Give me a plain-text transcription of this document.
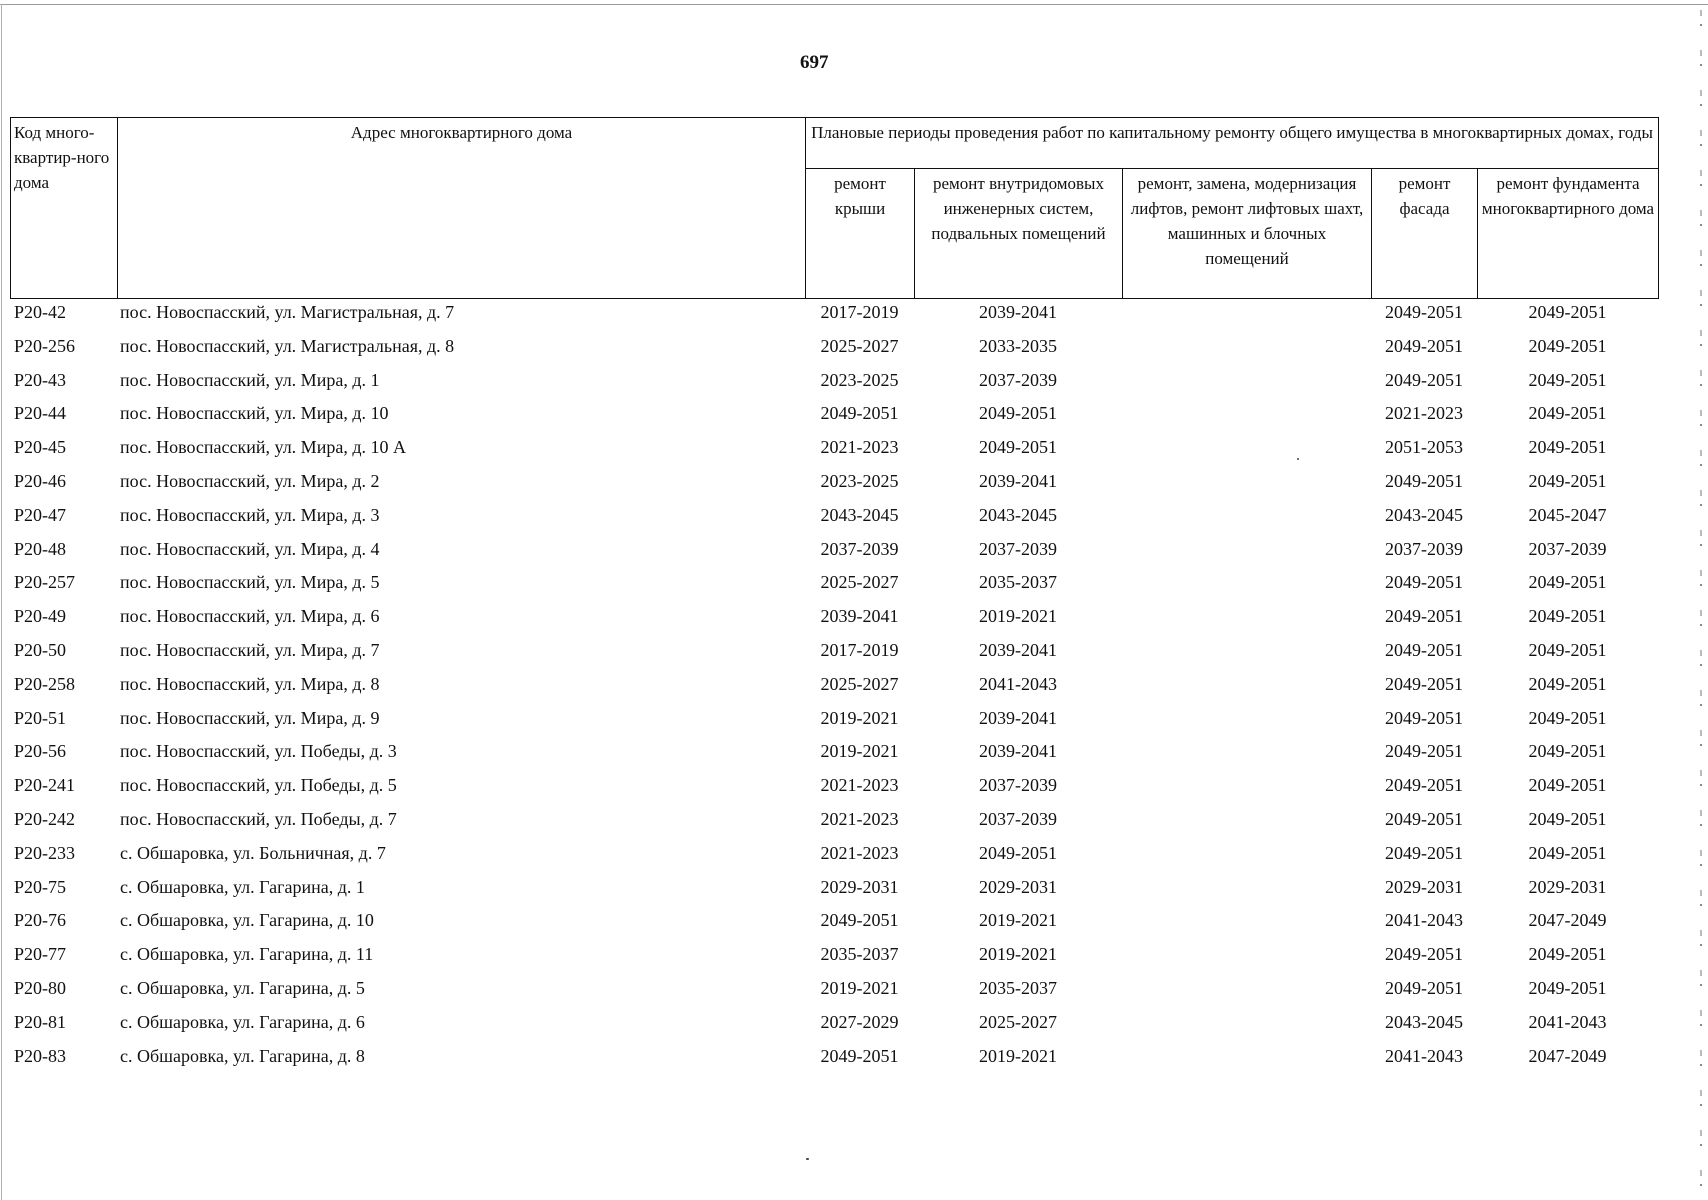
697
Код много-квартир-ного дома	Адрес многоквартирного дома	Плановые периоды проведения работ по капитальному ремонту общего имущества в многоквартирных домах, годы				
		ремонт крыши	ремонт внутридомовых инженерных систем, подвальных помещений	ремонт, замена, модернизация лифтов, ремонт лифтовых шахт, машинных и блочных помещений	ремонт фасада	ремонт фундамента многоквартирного дома
Р20-42	пос. Новоспасский, ул. Магистральная, д. 7	2017-2019	2039-2041		2049-2051	2049-2051
Р20-256	пос. Новоспасский, ул. Магистральная, д. 8	2025-2027	2033-2035		2049-2051	2049-2051
Р20-43	пос. Новоспасский, ул. Мира, д. 1	2023-2025	2037-2039		2049-2051	2049-2051
Р20-44	пос. Новоспасский, ул. Мира, д. 10	2049-2051	2049-2051		2021-2023	2049-2051
Р20-45	пос. Новоспасский, ул. Мира, д. 10 А	2021-2023	2049-2051		2051-2053	2049-2051
Р20-46	пос. Новоспасский, ул. Мира, д. 2	2023-2025	2039-2041		2049-2051	2049-2051
Р20-47	пос. Новоспасский, ул. Мира, д. 3	2043-2045	2043-2045		2043-2045	2045-2047
Р20-48	пос. Новоспасский, ул. Мира, д. 4	2037-2039	2037-2039		2037-2039	2037-2039
Р20-257	пос. Новоспасский, ул. Мира, д. 5	2025-2027	2035-2037		2049-2051	2049-2051
Р20-49	пос. Новоспасский, ул. Мира, д. 6	2039-2041	2019-2021		2049-2051	2049-2051
Р20-50	пос. Новоспасский, ул. Мира, д. 7	2017-2019	2039-2041		2049-2051	2049-2051
Р20-258	пос. Новоспасский, ул. Мира, д. 8	2025-2027	2041-2043		2049-2051	2049-2051
Р20-51	пос. Новоспасский, ул. Мира, д. 9	2019-2021	2039-2041		2049-2051	2049-2051
Р20-56	пос. Новоспасский, ул. Победы, д. 3	2019-2021	2039-2041		2049-2051	2049-2051
Р20-241	пос. Новоспасский, ул. Победы, д. 5	2021-2023	2037-2039		2049-2051	2049-2051
Р20-242	пос. Новоспасский, ул. Победы, д. 7	2021-2023	2037-2039		2049-2051	2049-2051
Р20-233	с. Обшаровка, ул. Больничная, д. 7	2021-2023	2049-2051		2049-2051	2049-2051
Р20-75	с. Обшаровка, ул. Гагарина, д. 1	2029-2031	2029-2031		2029-2031	2029-2031
Р20-76	с. Обшаровка, ул. Гагарина, д. 10	2049-2051	2019-2021		2041-2043	2047-2049
Р20-77	с. Обшаровка, ул. Гагарина, д. 11	2035-2037	2019-2021		2049-2051	2049-2051
Р20-80	с. Обшаровка, ул. Гагарина, д. 5	2019-2021	2035-2037		2049-2051	2049-2051
Р20-81	с. Обшаровка, ул. Гагарина, д. 6	2027-2029	2025-2027		2043-2045	2041-2043
Р20-83	с. Обшаровка, ул. Гагарина, д. 8	2049-2051	2019-2021		2041-2043	2047-2049
